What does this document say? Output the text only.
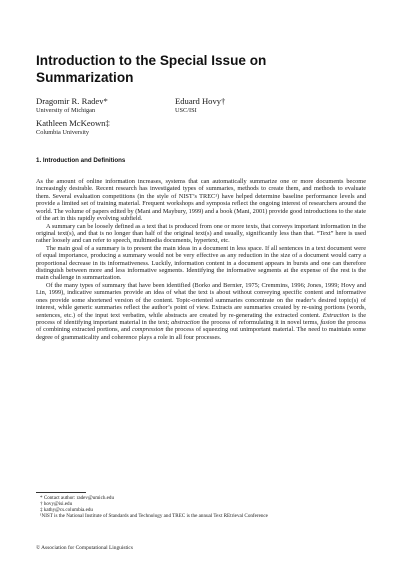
Introduction to the Special Issue on Summarization
Dragomir R. Radev*
University of Michigan
Eduard Hovy†
USC/ISI
Kathleen McKeown‡
Columbia University
1. Introduction and Definitions

As the amount of online information increases, systems that can automatically summarize one or more documents become increasingly desirable. Recent research has investigated types of summaries, methods to create them, and methods to evaluate them. Several evaluation competitions (in the style of NIST’s TREC¹) have helped determine baseline performance levels and provide a limited set of training material. Frequent workshops and symposia reflect the ongoing interest of researchers around the world. The volume of papers edited by (Mani and Maybury, 1999) and a book (Mani, 2001) provide good introductions to the state of the art in this rapidly evolving subfield.

A summary can be loosely defined as a text that is produced from one or more texts, that conveys important information in the original text(s), and that is no longer than half of the original text(s) and usually, significantly less than that. “Text” here is used rather loosely and can refer to speech, multimedia documents, hypertext, etc.

The main goal of a summary is to present the main ideas in a document in less space. If all sentences in a text document were of equal importance, producing a summary would not be very effective as any reduction in the size of a document would carry a proportional decrease in its informativeness. Luckily, information content in a document appears in bursts and one can therefore distinguish between more and less informative segments. Identifying the informative segments at the expense of the rest is the main challenge in summarization.

Of the many types of summary that have been identified (Borko and Bernier, 1975; Cremmins, 1996; Jones, 1999; Hovy and Lin, 1999), indicative summaries provide an idea of what the text is about without conveying specific content and informative ones provide some shortened version of the content. Topic-oriented summaries concentrate on the reader’s desired topic(s) of interest, while generic summaries reflect the author’s point of view. Extracts are summaries created by re-using portions (words, sentences, etc.) of the input text verbatim, while abstracts are created by re-generating the extracted content. Extraction is the process of identifying important material in the text; abstraction the process of reformulating it in novel terms, fusion the process of combining extracted portions, and compression the process of squeezing out unimportant material. The need to maintain some degree of grammaticality and coherence plays a role in all four processes.

* Contact author: radev@umich.edu
† hovy@isi.edu
‡ kathy@cs.columbia.edu
¹NIST is the National Institute of Standards and Technology and TREC is the annual Text REtrieval Conference
© Association for Computational Linguistics
